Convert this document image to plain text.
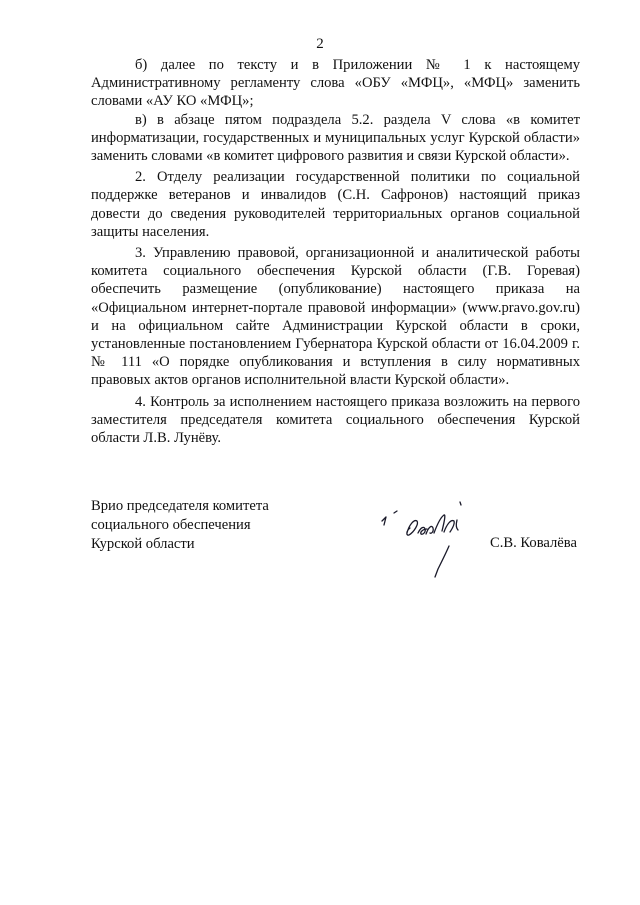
2

б) далее по тексту и в Приложении № 1 к настоящему Административному регламенту слова «ОБУ «МФЦ», «МФЦ» заменить словами «АУ КО «МФЦ»;

в) в абзаце пятом подраздела 5.2. раздела V слова «в комитет информатизации, государственных и муниципальных услуг Курской области» заменить словами «в комитет цифрового развития и связи Курской области».

2. Отделу реализации государственной политики по социальной поддержке ветеранов и инвалидов (С.Н. Сафронов) настоящий приказ довести до сведения руководителей территориальных органов социальной защиты населения.

3. Управлению правовой, организационной и аналитической работы комитета социального обеспечения Курской области (Г.В. Горевая) обеспечить размещение (опубликование) настоящего приказа на «Официальном интернет-портале правовой информации» (www.pravo.gov.ru) и на официальном сайте Администрации Курской области в сроки, установленные постановлением Губернатора Курской области от 16.04.2009 г. № 111 «О порядке опубликования и вступления в силу нормативных правовых актов органов исполнительной власти Курской области».

4. Контроль за исполнением настоящего приказа возложить на первого заместителя председателя комитета социального обеспечения Курской области Л.В. Лунёву.

Врио председателя комитета
социального обеспечения
Курской области	С.В. Ковалёва
